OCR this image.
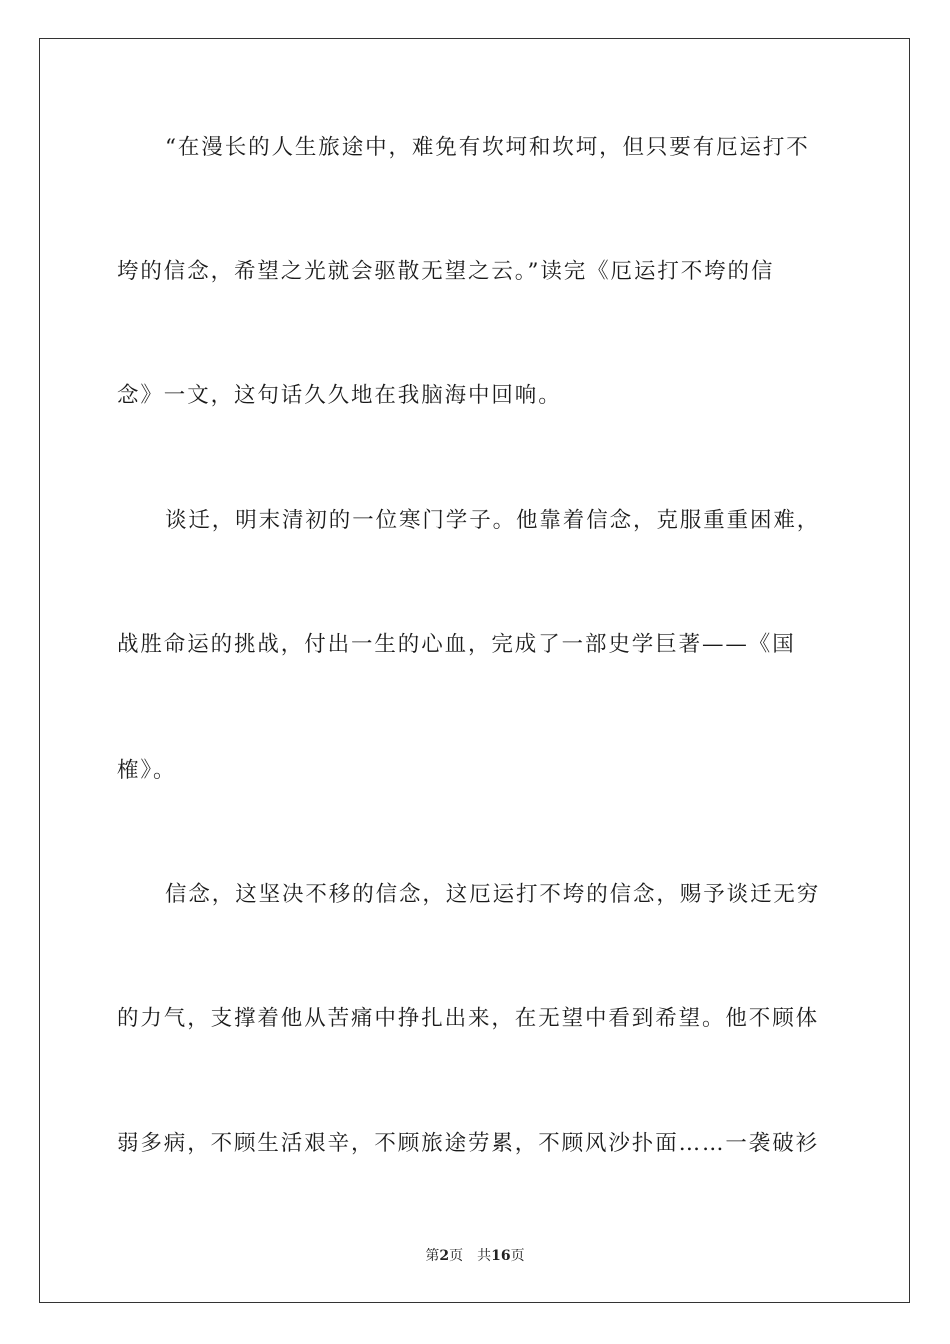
“在漫长的人生旅途中，难免有坎坷和坎坷，但只要有厄运打不
垮的信念，希望之光就会驱散无望之云。”读完《厄运打不垮的信
念》一文，这句话久久地在我脑海中回响。
谈迁，明末清初的一位寒门学子。他靠着信念，克服重重困难，
战胜命运的挑战，付出一生的心血，完成了一部史学巨著——《国
榷》。
信念，这坚决不移的信念，这厄运打不垮的信念，赐予谈迁无穷
的力气，支撑着他从苦痛中挣扎出来，在无望中看到希望。他不顾体
弱多病，不顾生活艰辛，不顾旅途劳累，不顾风沙扑面……一袭破衫
第2页 共16页
